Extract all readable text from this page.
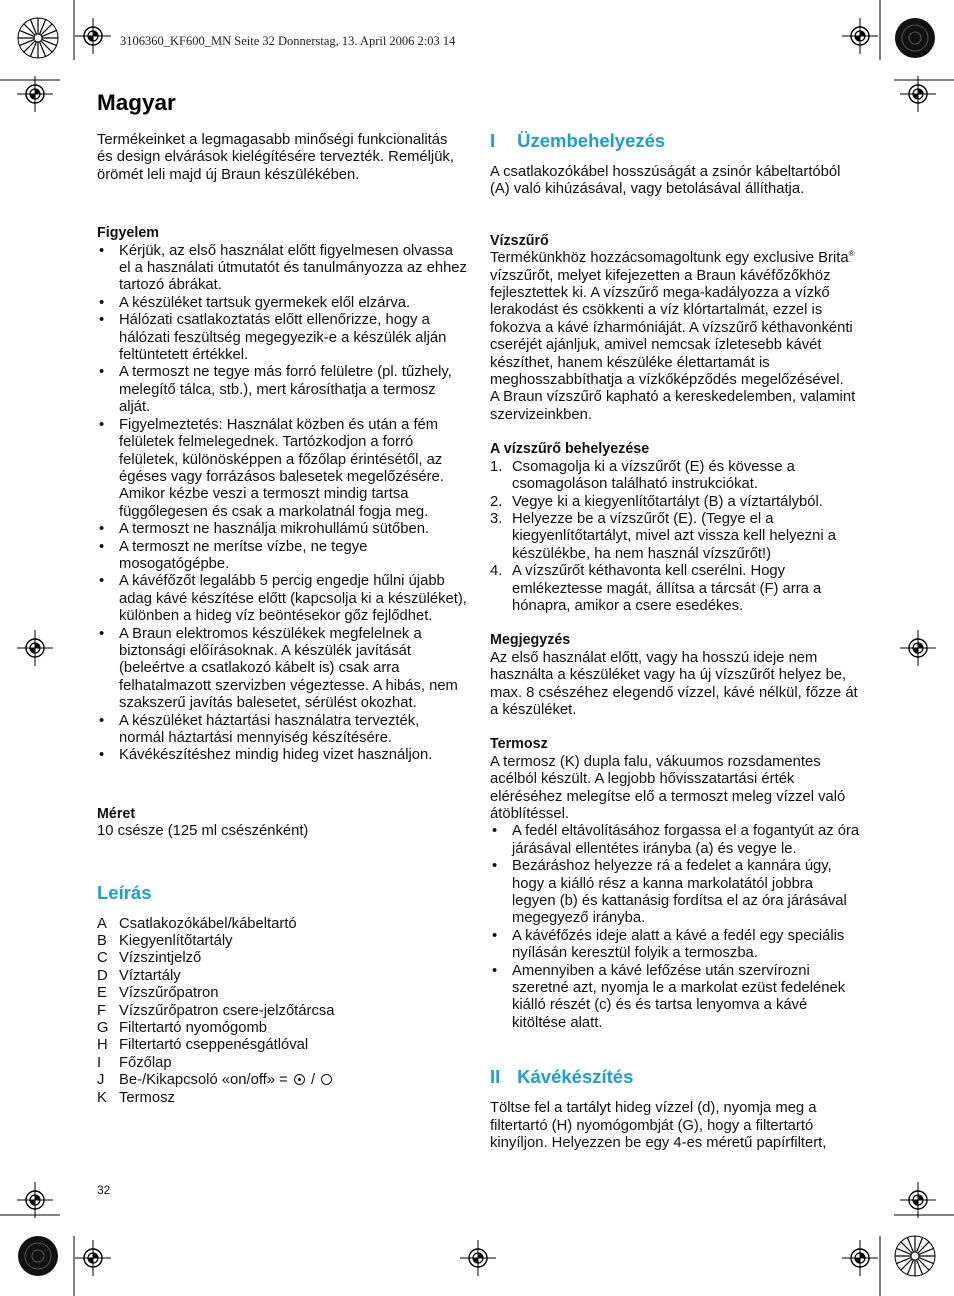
3106360_KF600_MN Seite 32 Donnerstag, 13. April 2006 2:03 14
Magyar

Termékeinket a legmagasabb minőségi funkcionalitás és design elvárások kielégítésére tervezték. Reméljük, örömét leli majd új Braun készülékében.

Figyelem

• Kérjük, az első használat előtt figyelmesen olvassa el a használati útmutatót és tanulmányozza az ehhez tartozó ábrákat.
• A készüléket tartsuk gyermekek elől elzárva.
• Hálózati csatlakoztatás előtt ellenőrizze, hogy a hálózati feszültség megegyezik-e a készülék alján feltüntetett értékkel.
• A termoszt ne tegye más forró felületre (pl. tűzhely, melegítő tálca, stb.), mert károsíthatja a termosz alját.
• Figyelmeztetés: Használat közben és után a fém felületek felmelegednek. Tartózkodjon a forró felületek, különösképpen a főzőlap érintésétől, az égéses vagy forrázásos balesetek megelőzésére. Amikor kézbe veszi a termoszt mindig tartsa függőlegesen és csak a markolatnál fogja meg.
• A termoszt ne használja mikrohullámú sütőben.
• A termoszt ne merítse vízbe, ne tegye mosogatógépbe.
• A kávéfőzőt legalább 5 percig engedje hűlni újabb adag kávé készítése előtt (kapcsolja ki a készüléket), különben a hideg víz beöntésekor gőz fejlődhet.
• A Braun elektromos készülékek megfelelnek a biztonsági előírásoknak. A készülék javítását (beleértve a csatlakozó kábelt is) csak arra felhatalmazott szervizben végeztesse. A hibás, nem szakszerű javítás balesetet, sérülést okozhat.
• A készüléket háztartási használatra tervezték, normál háztartási mennyiség készítésére.
• Kávékészítéshez mindig hideg vizet használjon.

Méret

10 csésze (125 ml csészénként)

Leírás
A Csatlakozókábel/kábeltartó
B Kiegyenlítőtartály
C Vízszintjelző
D Víztartály
E Vízszűrőpatron
F Vízszűrőpatron csere-jelzőtárcsa
G Filtertartó nyomógomb
H Filtertartó cseppenésgátlóval
I	Főzőlap
J Be-/Kikapcsoló «on/off» =  /
K Termosz
I Üzembehelyezés

A csatlakozókábel hosszúságát a zsinór kábeltartóból (A) való kihúzásával, vagy betolásával állíthatja.

Vízszűrő

Termékünkhöz hozzácsomagoltunk egy exclusive Brita® vízszűrőt, melyet kifejezetten a Braun kávéfőzőkhöz fejlesztettek ki. A vízszűrő mega-kadályozza a vízkő lerakodást és csökkenti a víz klórtartalmát, ezzel is fokozva a kávé ízharmóniáját. A vízszűrő kéthavonkénti cseréjét ajánljuk, amivel nemcsak ízletesebb kávét készíthet, hanem készüléke élettartamát is meghosszabbíthatja a vízkőképződés megelőzésével.

A Braun vízszűrő kapható a kereskedelemben, valamint szervizeinkben.

A vízszűrő behelyezése

1. Csomagolja ki a vízszűrőt (E) és kövesse a csomagoláson található instrukciókat.
2. Vegye ki a kiegyenlítőtartályt (B) a víztartályból.
3. Helyezze be a vízszűrőt (E). (Tegye el a kiegyenlítőtartályt, mivel azt vissza kell helyezni a készülékbe, ha nem használ vízszűrőt!)
4. A vízszűrőt kéthavonta kell cserélni. Hogy emlékeztesse magát, állítsa a tárcsát (F) arra a hónapra, amikor a csere esedékes.

Megjegyzés

Az első használat előtt, vagy ha hosszú ideje nem használta a készüléket vagy ha új vízszűrőt helyez be, max. 8 csészéhez elegendő vízzel, kávé nélkül, főzze át a készüléket.

Termosz

A termosz (K) dupla falu, vákuumos rozsdamentes acélból készült. A legjobb hővisszatartási érték eléréséhez melegítse elő a termoszt meleg vízzel való átöblítéssel.

• A fedél eltávolításához forgassa el a fogantyút az óra járásával ellentétes irányba (a) és vegye le.
• Bezáráshoz helyezze rá a fedelet a kannára úgy, hogy a kiálló rész a kanna markolatától jobbra legyen (b) és kattanásig fordítsa el az óra járásával megegyező irányba.
• A kávéfőzés ideje alatt a kávé a fedél egy speciális nyílásán keresztül folyik a termoszba.
• Amennyiben a kávé lefőzése után szervírozni szeretné azt, nyomja le a markolat ezüst fedelének kiálló részét (c) és és tartsa lenyomva a kávé kitöltése alatt.
II Kávékészítés

Töltse fel a tartályt hideg vízzel (d), nyomja meg a filtertartó (H) nyomógombját (G), hogy a filtertartó kinyíljon. Helyezzen be egy 4-es méretű papírfiltert,

32
